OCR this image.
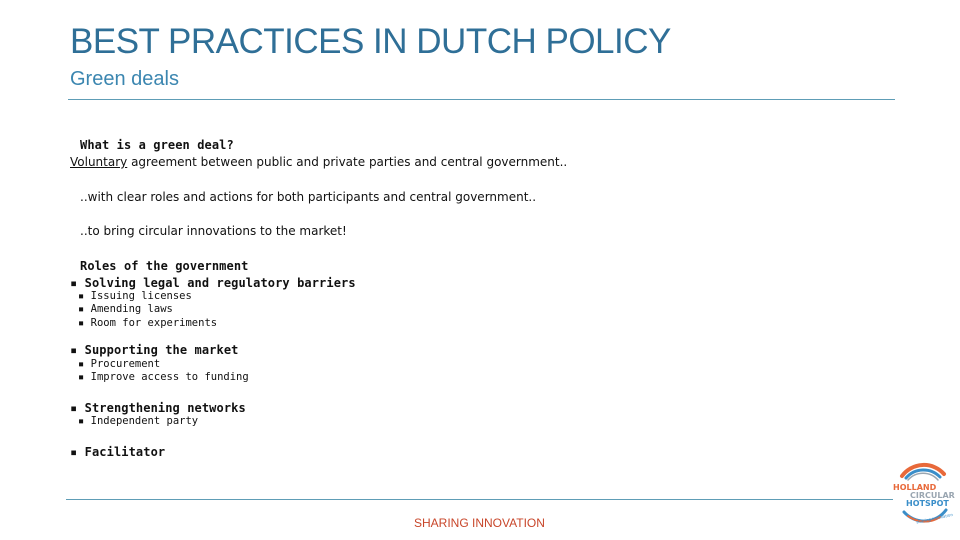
BEST PRACTICES IN DUTCH POLICY
Green deals
What is a green deal?
Voluntary agreement between public and private parties and central government..
..with clear roles and actions for both participants and central government..
..to bring circular innovations to the market!
Roles of the government
▪ Solving legal and regulatory barriers
▪ Issuing licenses
▪ Amending laws
▪ Room for experiments
▪ Supporting the market
▪ Procurement
▪ Improve access to funding
▪ Strengthening networks
▪ Independent party
▪ Facilitator
SHARING INNOVATION
HOLLAND
CIRCULAR
HOTSPOT
sharing innovation
